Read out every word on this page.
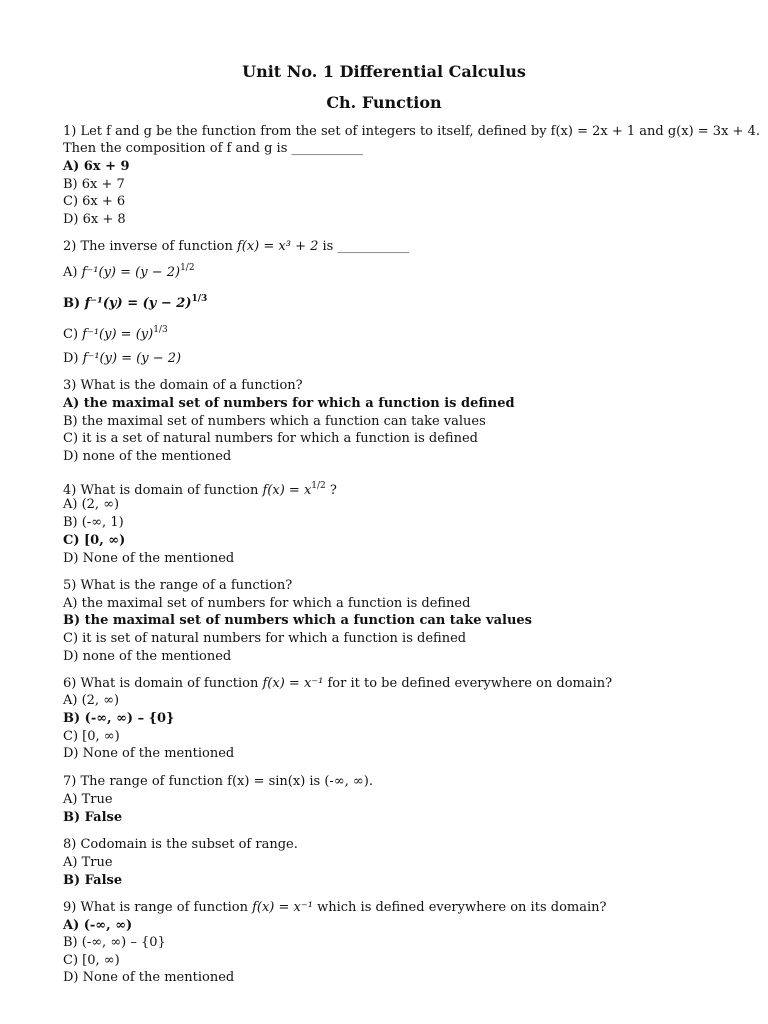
Unit No. 1 Differential Calculus
Ch. Function
1) Let f and g be the function from the set of integers to itself, defined by f(x) = 2x + 1 and g(x) = 3x + 4.
Then the composition of f and g is ___________
A) 6x + 9
B) 6x + 7
C) 6x + 6
D) 6x + 8
2) The inverse of function f(x) = x³ + 2 is ___________
A) $f^{-1}(y) = (y - 2)^{1/2}$
B) $f^{-1}(y) = (y - 2)^{1/3}$
C) $f^{-1}(y) = (y)^{1/3}$
D) f⁻¹(y) = (y − 2)
3) What is the domain of a function?
A) the maximal set of numbers for which a function is defined
B) the maximal set of numbers which a function can take values
C) it is a set of natural numbers for which a function is defined
D) none of the mentioned
4) What is domain of function $f(x) = x^{1/2}$ ?
A) (2, ∞)
B) (-∞, 1)
C) [0, ∞)
D) None of the mentioned
5) What is the range of a function?
A) the maximal set of numbers for which a function is defined
B) the maximal set of numbers which a function can take values
C) it is set of natural numbers for which a function is defined
D) none of the mentioned
6) What is domain of function f(x) = x⁻¹ for it to be defined everywhere on domain?
A) (2, ∞)
B) (-∞, ∞) – {0}
C) [0, ∞)
D) None of the mentioned
7) The range of function f(x) = sin(x) is (-∞, ∞).
A) True
B) False
8) Codomain is the subset of range.
A) True
B) False
9) What is range of function f(x) = x⁻¹ which is defined everywhere on its domain?
A) (-∞, ∞)
B) (-∞, ∞) – {0}
C) [0, ∞)
D) None of the mentioned
